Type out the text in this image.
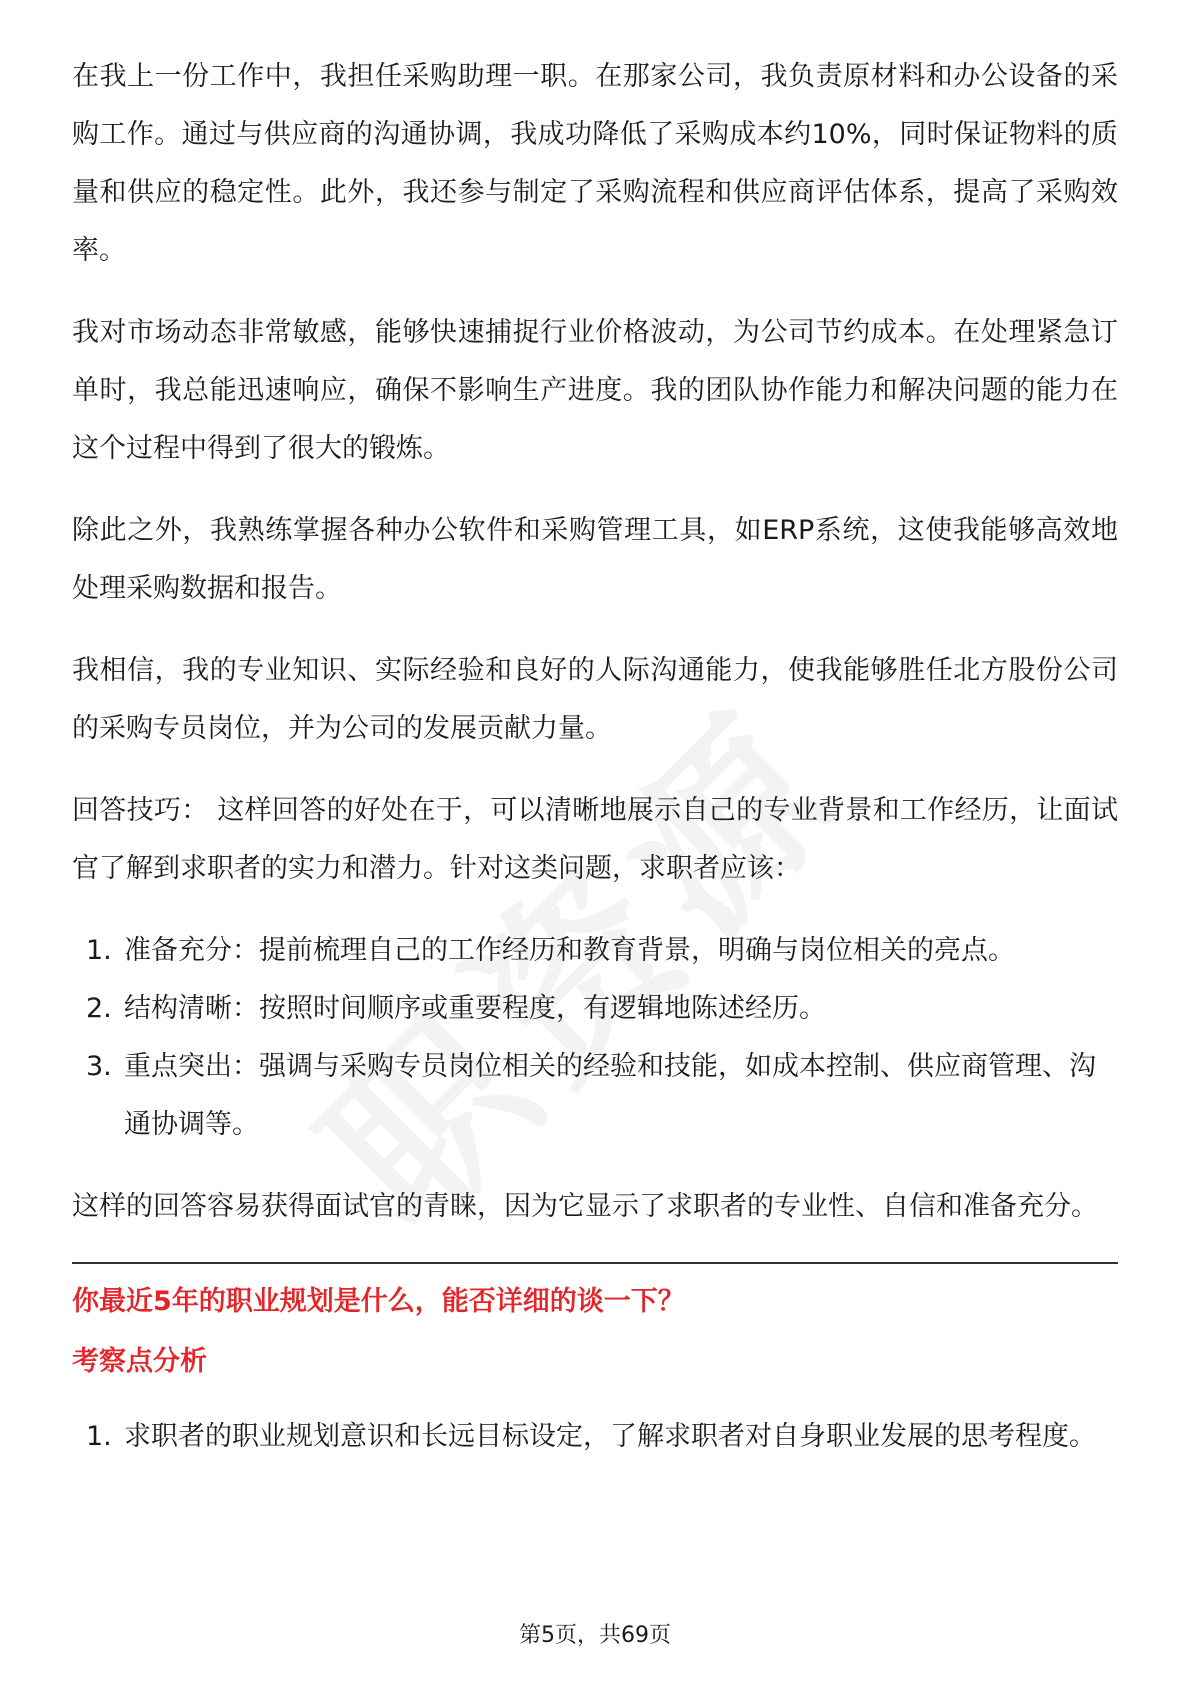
在我上一份工作中，我担任采购助理一职。在那家公司，我负责原材料和办公设备的采购工作。通过与供应商的沟通协调，我成功降低了采购成本约10%，同时保证物料的质量和供应的稳定性。此外，我还参与制定了采购流程和供应商评估体系，提高了采购效率。

我对市场动态非常敏感，能够快速捕捉行业价格波动，为公司节约成本。在处理紧急订单时，我总能迅速响应，确保不影响生产进度。我的团队协作能力和解决问题的能力在这个过程中得到了很大的锻炼。

除此之外，我熟练掌握各种办公软件和采购管理工具，如ERP系统，这使我能够高效地处理采购数据和报告。

我相信，我的专业知识、实际经验和良好的人际沟通能力，使我能够胜任北方股份公司的采购专员岗位，并为公司的发展贡献力量。

回答技巧： 这样回答的好处在于，可以清晰地展示自己的专业背景和工作经历，让面试官了解到求职者的实力和潜力。针对这类问题，求职者应该：

1. 准备充分：提前梳理自己的工作经历和教育背景，明确与岗位相关的亮点。
2. 结构清晰：按照时间顺序或重要程度，有逻辑地陈述经历。
3. 重点突出：强调与采购专员岗位相关的经验和技能，如成本控制、供应商管理、沟通协调等。

这样的回答容易获得面试官的青睐，因为它显示了求职者的专业性、自信和准备充分。

你最近5年的职业规划是什么，能否详细的谈一下？

考察点分析

1. 求职者的职业规划意识和长远目标设定，了解求职者对自身职业发展的思考程度。
第5页，共69页
